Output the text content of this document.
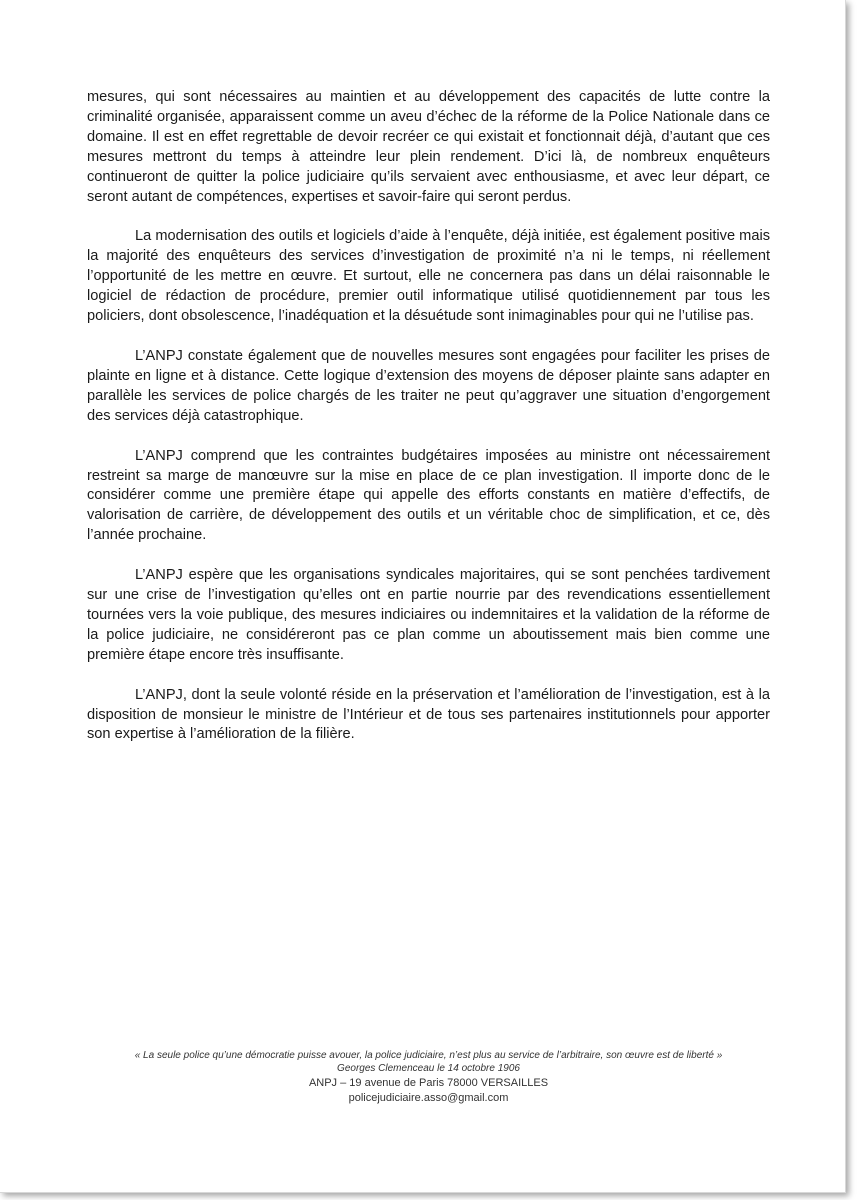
mesures, qui sont nécessaires au maintien et au développement des capacités de lutte contre la criminalité organisée, apparaissent comme un aveu d’échec de la réforme de la Police Nationale dans ce domaine. Il est en effet regrettable de devoir recréer ce qui existait et fonctionnait déjà, d’autant que ces mesures mettront du temps à atteindre leur plein rendement. D’ici là, de nombreux enquêteurs continueront de quitter la police judiciaire qu’ils servaient avec enthousiasme, et avec leur départ, ce seront autant de compétences, expertises et savoir-faire qui seront perdus.

La modernisation des outils et logiciels d’aide à l’enquête, déjà initiée, est également positive mais la majorité des enquêteurs des services d’investigation de proximité n’a ni le temps, ni réellement l’opportunité de les mettre en œuvre. Et surtout, elle ne concernera pas dans un délai raisonnable le logiciel de rédaction de procédure, premier outil informatique utilisé quotidiennement par tous les policiers, dont obsolescence, l’inadéquation et la désuétude sont inimaginables pour qui ne l’utilise pas.

L’ANPJ constate également que de nouvelles mesures sont engagées pour faciliter les prises de plainte en ligne et à distance. Cette logique d’extension des moyens de déposer plainte sans adapter en parallèle les services de police chargés de les traiter ne peut qu’aggraver une situation d’engorgement des services déjà catastrophique.

L’ANPJ comprend que les contraintes budgétaires imposées au ministre ont nécessairement restreint sa marge de manœuvre sur la mise en place de ce plan investigation. Il importe donc de le considérer comme une première étape qui appelle des efforts constants en matière d’effectifs, de valorisation de carrière, de développement des outils et un véritable choc de simplification, et ce, dès l’année prochaine.

L’ANPJ espère que les organisations syndicales majoritaires, qui se sont penchées tardivement sur une crise de l’investigation qu’elles ont en partie nourrie par des revendications essentiellement tournées vers la voie publique, des mesures indiciaires ou indemnitaires et la validation de la réforme de la police judiciaire, ne considéreront pas ce plan comme un aboutissement mais bien comme une première étape encore très insuffisante.

L’ANPJ, dont la seule volonté réside en la préservation et l’amélioration de l’investigation, est à la disposition de monsieur le ministre de l’Intérieur et de tous ses partenaires institutionnels pour apporter son expertise à l’amélioration de la filière.

« La seule police qu’une démocratie puisse avouer, la police judiciaire, n’est plus au service de l’arbitraire, son œuvre est de liberté »
Georges Clemenceau le 14 octobre 1906
ANPJ – 19 avenue de Paris 78000 VERSAILLES
policejudiciaire.asso@gmail.com
